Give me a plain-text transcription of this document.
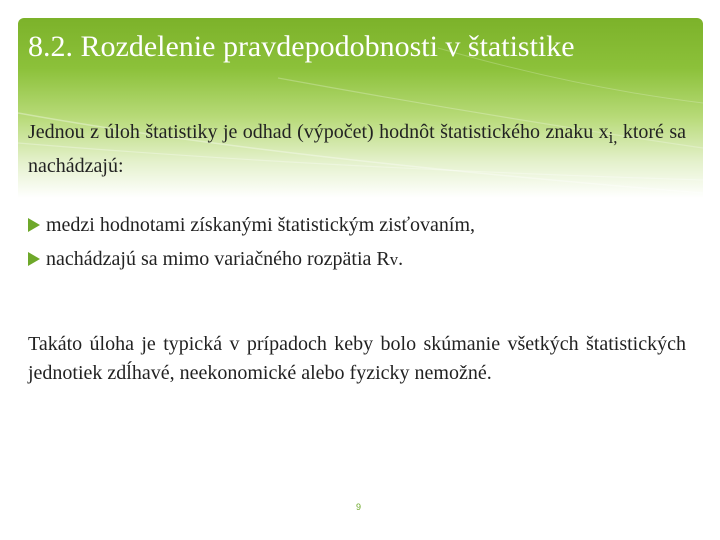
8.2. Rozdelenie pravdepodobnosti v štatistike

Jednou z úloh štatistiky je odhad (výpočet) hodnôt štatistického znaku $x_{i,}$ ktoré sa nachádzajú:

medzi hodnotami získanými štatistickým zisťovaním,
nachádzajú sa mimo variačného rozpätia R v .

Takáto úloha je typická v prípadoch keby bolo skúmanie všetkých štatistických jednotiek zdĺhavé, neekonomické alebo fyzicky nemožné.

9
